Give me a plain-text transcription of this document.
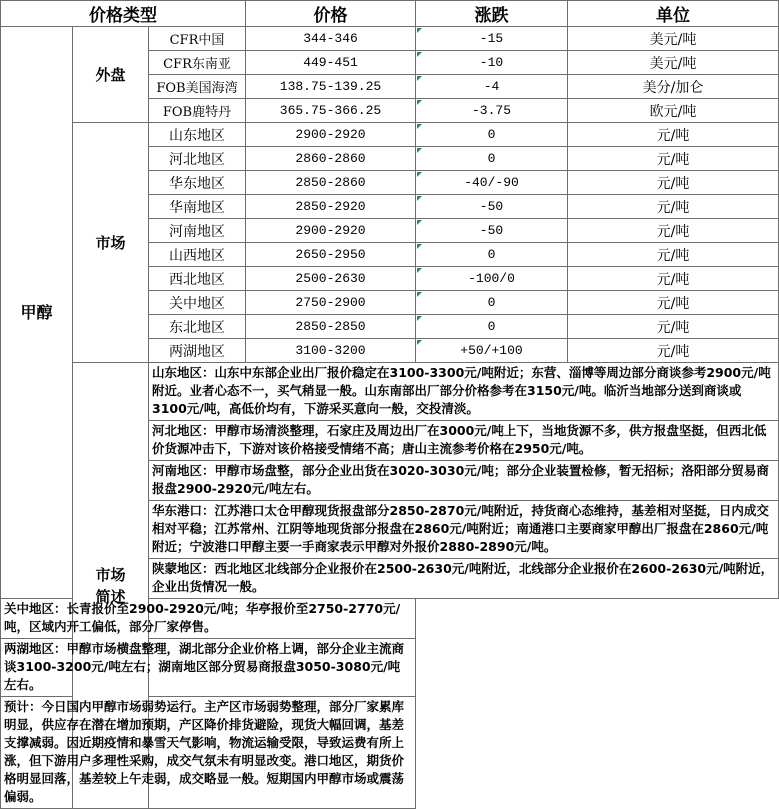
价格类型			价格	涨跌	单位
甲醇	外盘	CFR中国	344-346	-15	美元/吨
		CFR东南亚	449-451	-10	美元/吨
		FOB美国海湾	138.75-139.25	-4	美分/加仑
		FOB鹿特丹	365.75-366.25	-3.75	欧元/吨
	市场	山东地区	2900-2920	0	元/吨
		河北地区	2860-2860	0	元/吨
		华东地区	2850-2860	-40/-90	元/吨
		华南地区	2850-2920	-50	元/吨
		河南地区	2900-2920	-50	元/吨
		山西地区	2650-2950	0	元/吨
		西北地区	2500-2630	-100/0	元/吨
		关中地区	2750-2900	0	元/吨
		东北地区	2850-2850	0	元/吨
		两湖地区	3100-3200	+50/+100	元/吨
	市场
简述	山东地区：山东中东部企业出厂报价稳定在3100-3300元/吨附近；东营、淄博等周边部分商谈参考2900元/吨附近。业者心态不一，买气稍显一般。山东南部出厂部分价格参考在3150元/吨。临沂当地部分送到商谈或3100元/吨，高低价均有，下游采买意向一般，交投清淡。			
		河北地区：甲醇市场清淡整理，石家庄及周边出厂在3000元/吨上下，当地货源不多，供方报盘坚挺，但西北低价货源冲击下，下游对该价格接受情绪不高；唐山主流参考价格在2950元/吨。			
		河南地区：甲醇市场盘整，部分企业出货在3020-3030元/吨；部分企业装置检修，暂无招标；洛阳部分贸易商报盘2900-2920元/吨左右。			
		华东港口：江苏港口太仓甲醇现货报盘部分2850-2870元/吨附近，持货商心态维持，基差相对坚挺，日内成交相对平稳；江苏常州、江阴等地现货部分报盘在2860元/吨附近；南通港口主要商家甲醇出厂报盘在2860元/吨附近；宁波港口甲醇主要一手商家表示甲醇对外报价2880-2890元/吨。			
		陕蒙地区：西北地区北线部分企业报价在2500-2630元/吨附近，北线部分企业报价在2600-2630元/吨附近，企业出货情况一般。			
关中地区：长青报价至2900-2920元/吨；华亭报价至2750-2770元/吨，区域内开工偏低，部分厂家停售。					
两湖地区：甲醇市场横盘整理，湖北部分企业价格上调，部分企业主流商谈3100-3200元/吨左右；湖南地区部分贸易商报盘3050-3080元/吨左右。					
预计：今日国内甲醇市场弱势运行。主产区市场弱势整理，部分厂家累库明显，供应存在潜在增加预期，产区降价排货避险，现货大幅回调，基差支撑减弱。因近期疫情和暴雪天气影响，物流运输受限，导致运费有所上涨，但下游用户多理性采购，成交气氛未有明显改变。港口地区，期货价格明显回落，基差较上午走弱，成交略显一般。短期国内甲醇市场或震荡偏弱。					
